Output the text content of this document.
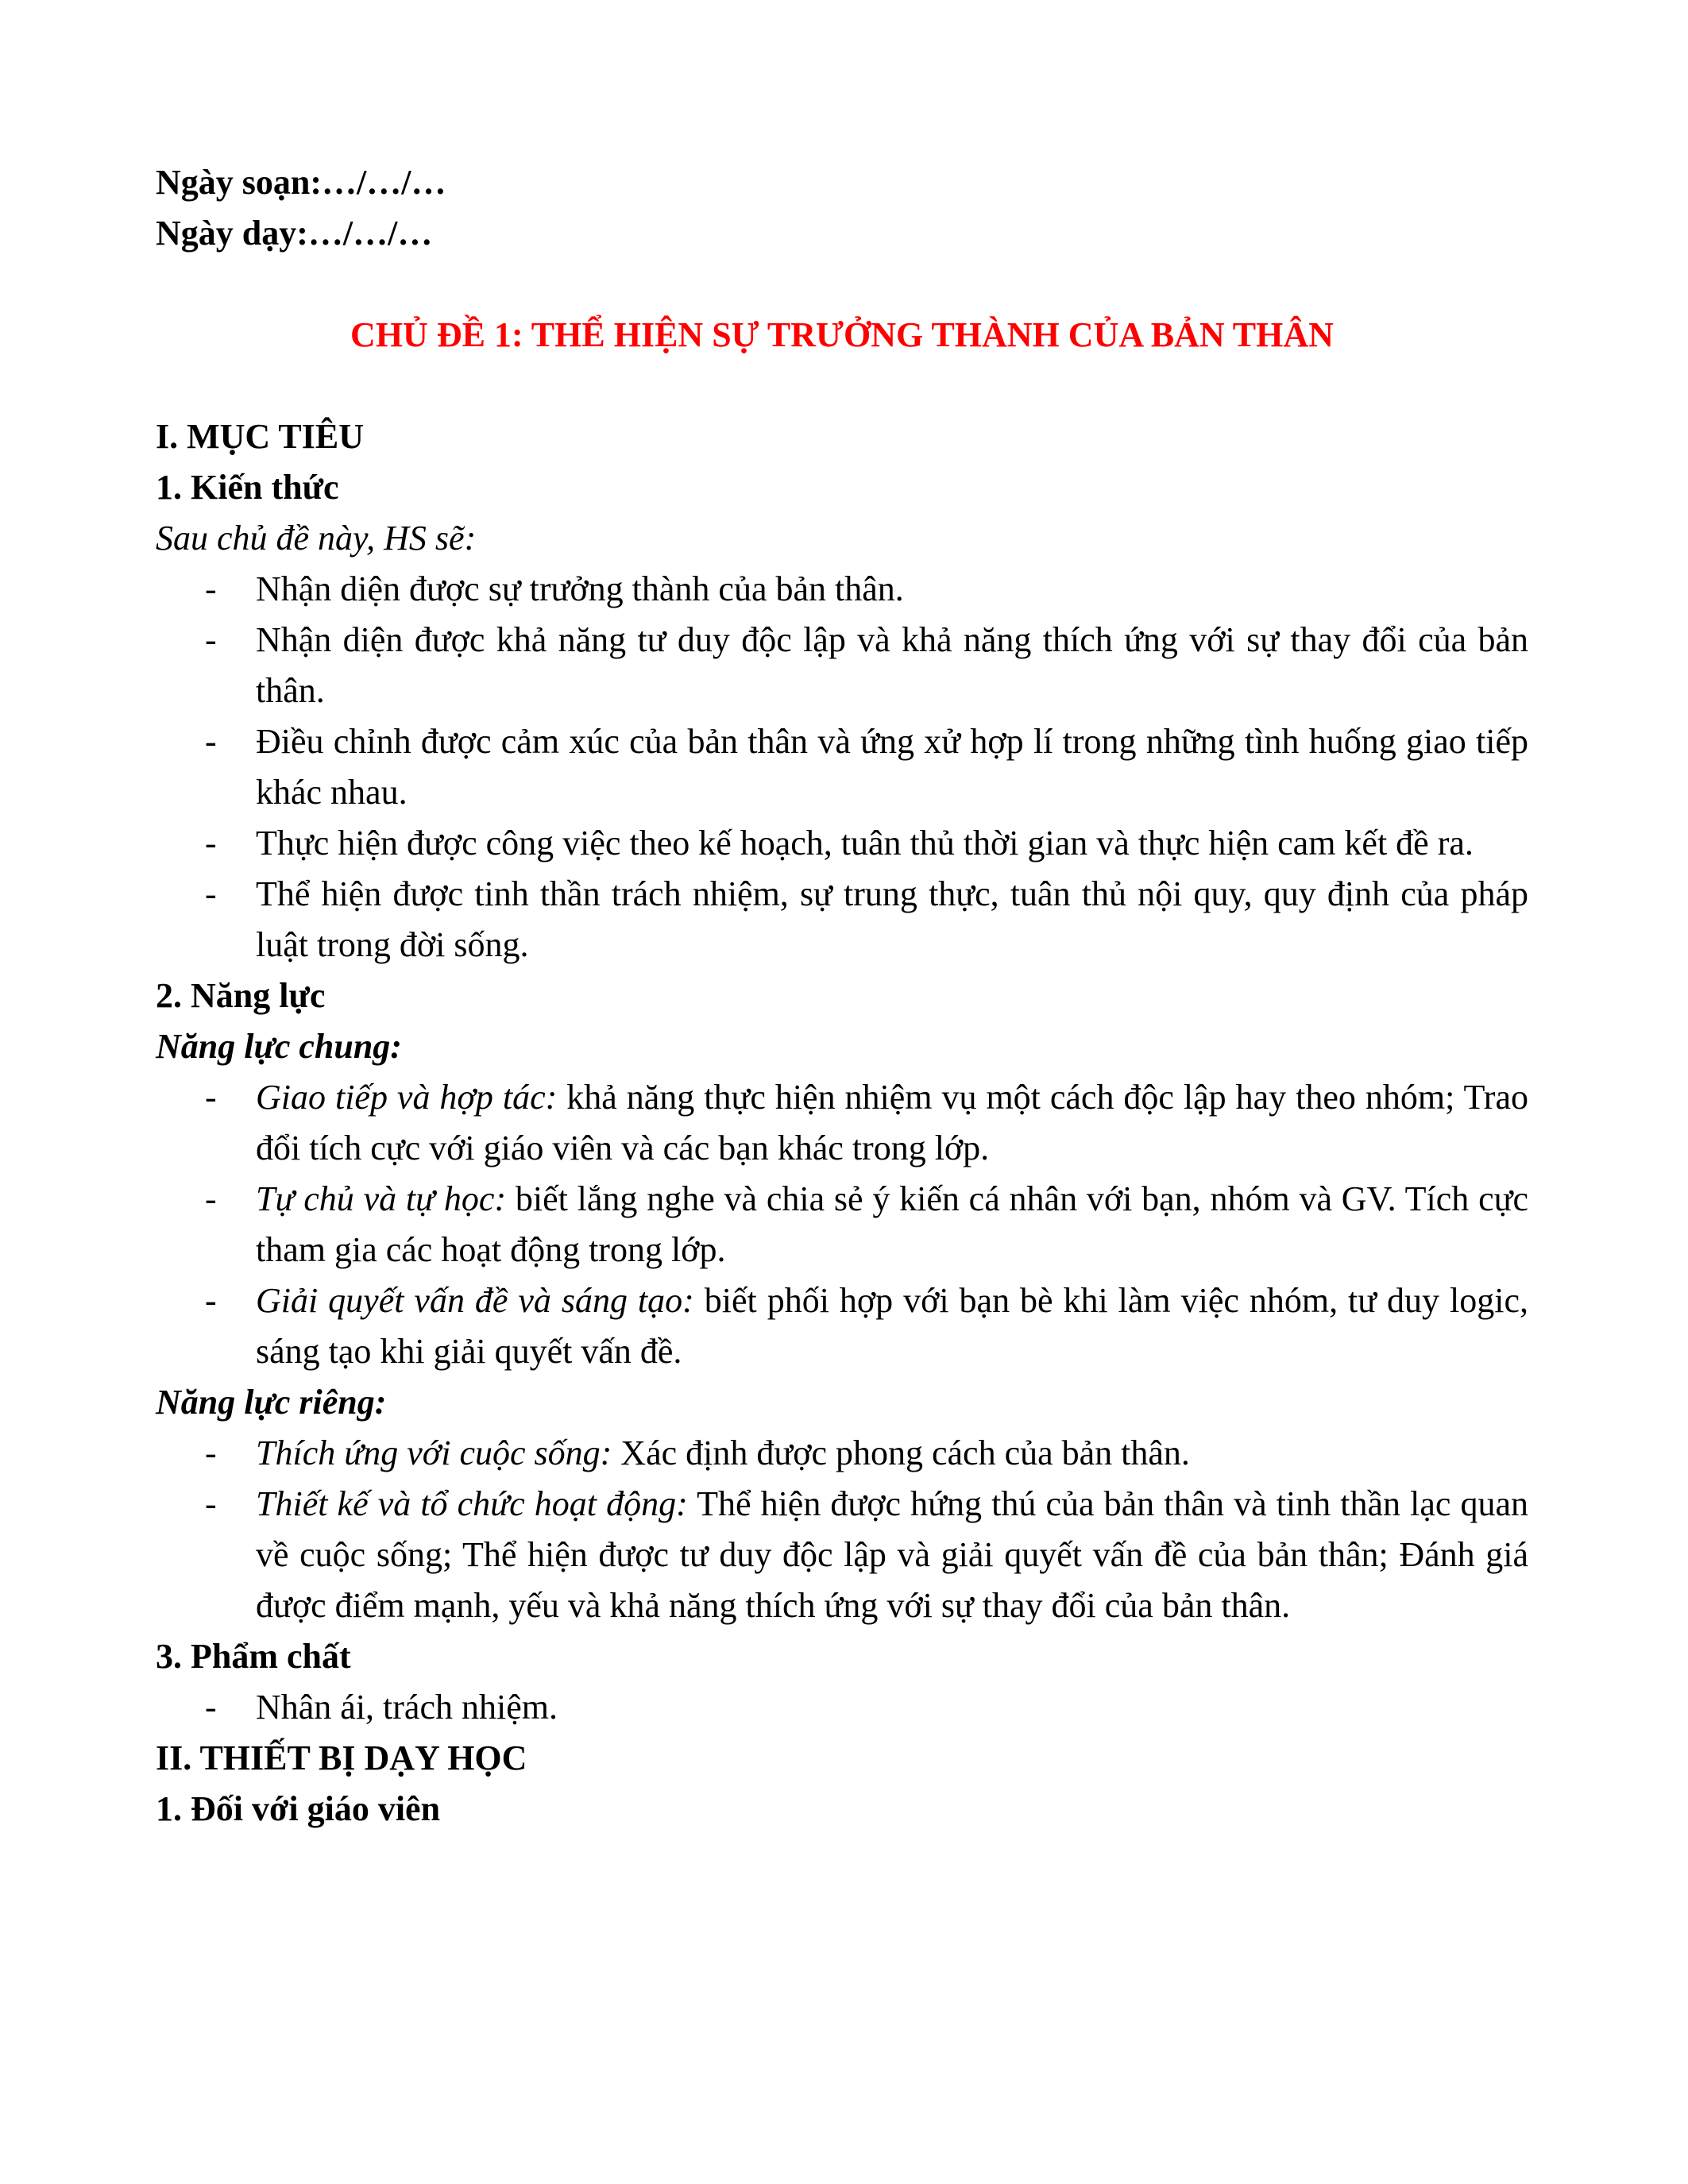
Ngày soạn:…/…/…
Ngày dạy:…/…/…
CHỦ ĐỀ 1: THỂ HIỆN SỰ TRƯỞNG THÀNH CỦA BẢN THÂN
I. MỤC TIÊU
1. Kiến thức
Sau chủ đề này, HS sẽ:
- Nhận diện được sự trưởng thành của bản thân.
- Nhận diện được khả năng tư duy độc lập và khả năng thích ứng với sự thay đổi của bản thân.
- Điều chỉnh được cảm xúc của bản thân và ứng xử hợp lí trong những tình huống giao tiếp khác nhau.
- Thực hiện được công việc theo kế hoạch, tuân thủ thời gian và thực hiện cam kết đề ra.
- Thể hiện được tinh thần trách nhiệm, sự trung thực, tuân thủ nội quy, quy định của pháp luật trong đời sống.
2. Năng lực
Năng lực chung:
- Giao tiếp và hợp tác: khả năng thực hiện nhiệm vụ một cách độc lập hay theo nhóm; Trao đổi tích cực với giáo viên và các bạn khác trong lớp.
- Tự chủ và tự học: biết lắng nghe và chia sẻ ý kiến cá nhân với bạn, nhóm và GV. Tích cực tham gia các hoạt động trong lớp.
- Giải quyết vấn đề và sáng tạo: biết phối hợp với bạn bè khi làm việc nhóm, tư duy logic, sáng tạo khi giải quyết vấn đề.
Năng lực riêng:
- Thích ứng với cuộc sống: Xác định được phong cách của bản thân.
- Thiết kế và tổ chức hoạt động: Thể hiện được hứng thú của bản thân và tinh thần lạc quan về cuộc sống; Thể hiện được tư duy độc lập và giải quyết vấn đề của bản thân; Đánh giá được điểm mạnh, yếu và khả năng thích ứng với sự thay đổi của bản thân.
3. Phẩm chất
- Nhân ái, trách nhiệm.
II. THIẾT BỊ DẠY HỌC
1. Đối với giáo viên
